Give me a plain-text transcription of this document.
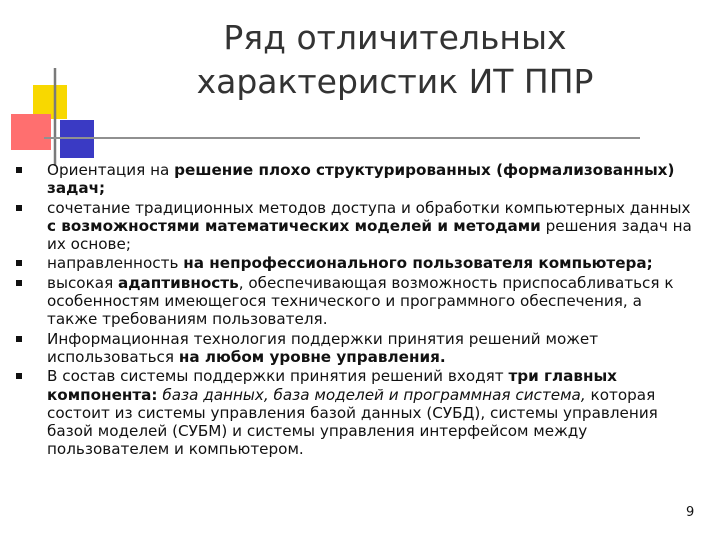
Ряд отличительных
характеристик ИТ ППР
Ориентация на решение плохо структурированных (формализованных) задач;
сочетание традиционных методов доступа и обработки компьютерных данных с возможностями математических моделей и методами решения задач на их основе;
направленность на непрофессионального пользователя компьютера;
высокая адаптивность, обеспечивающая возможность приспосабливаться к особенностям имеющегося технического и программного обеспечения, а также требованиям пользователя.
Информационная технология поддержки принятия решений может использоваться на любом уровне управления.
В состав системы поддержки принятия решений входят три главных компонента: база данных, база моделей и программная система, которая состоит из системы управления базой данных (СУБД), системы управления базой моделей (СУБМ) и системы управления интерфейсом между пользователем и компьютером.
9
